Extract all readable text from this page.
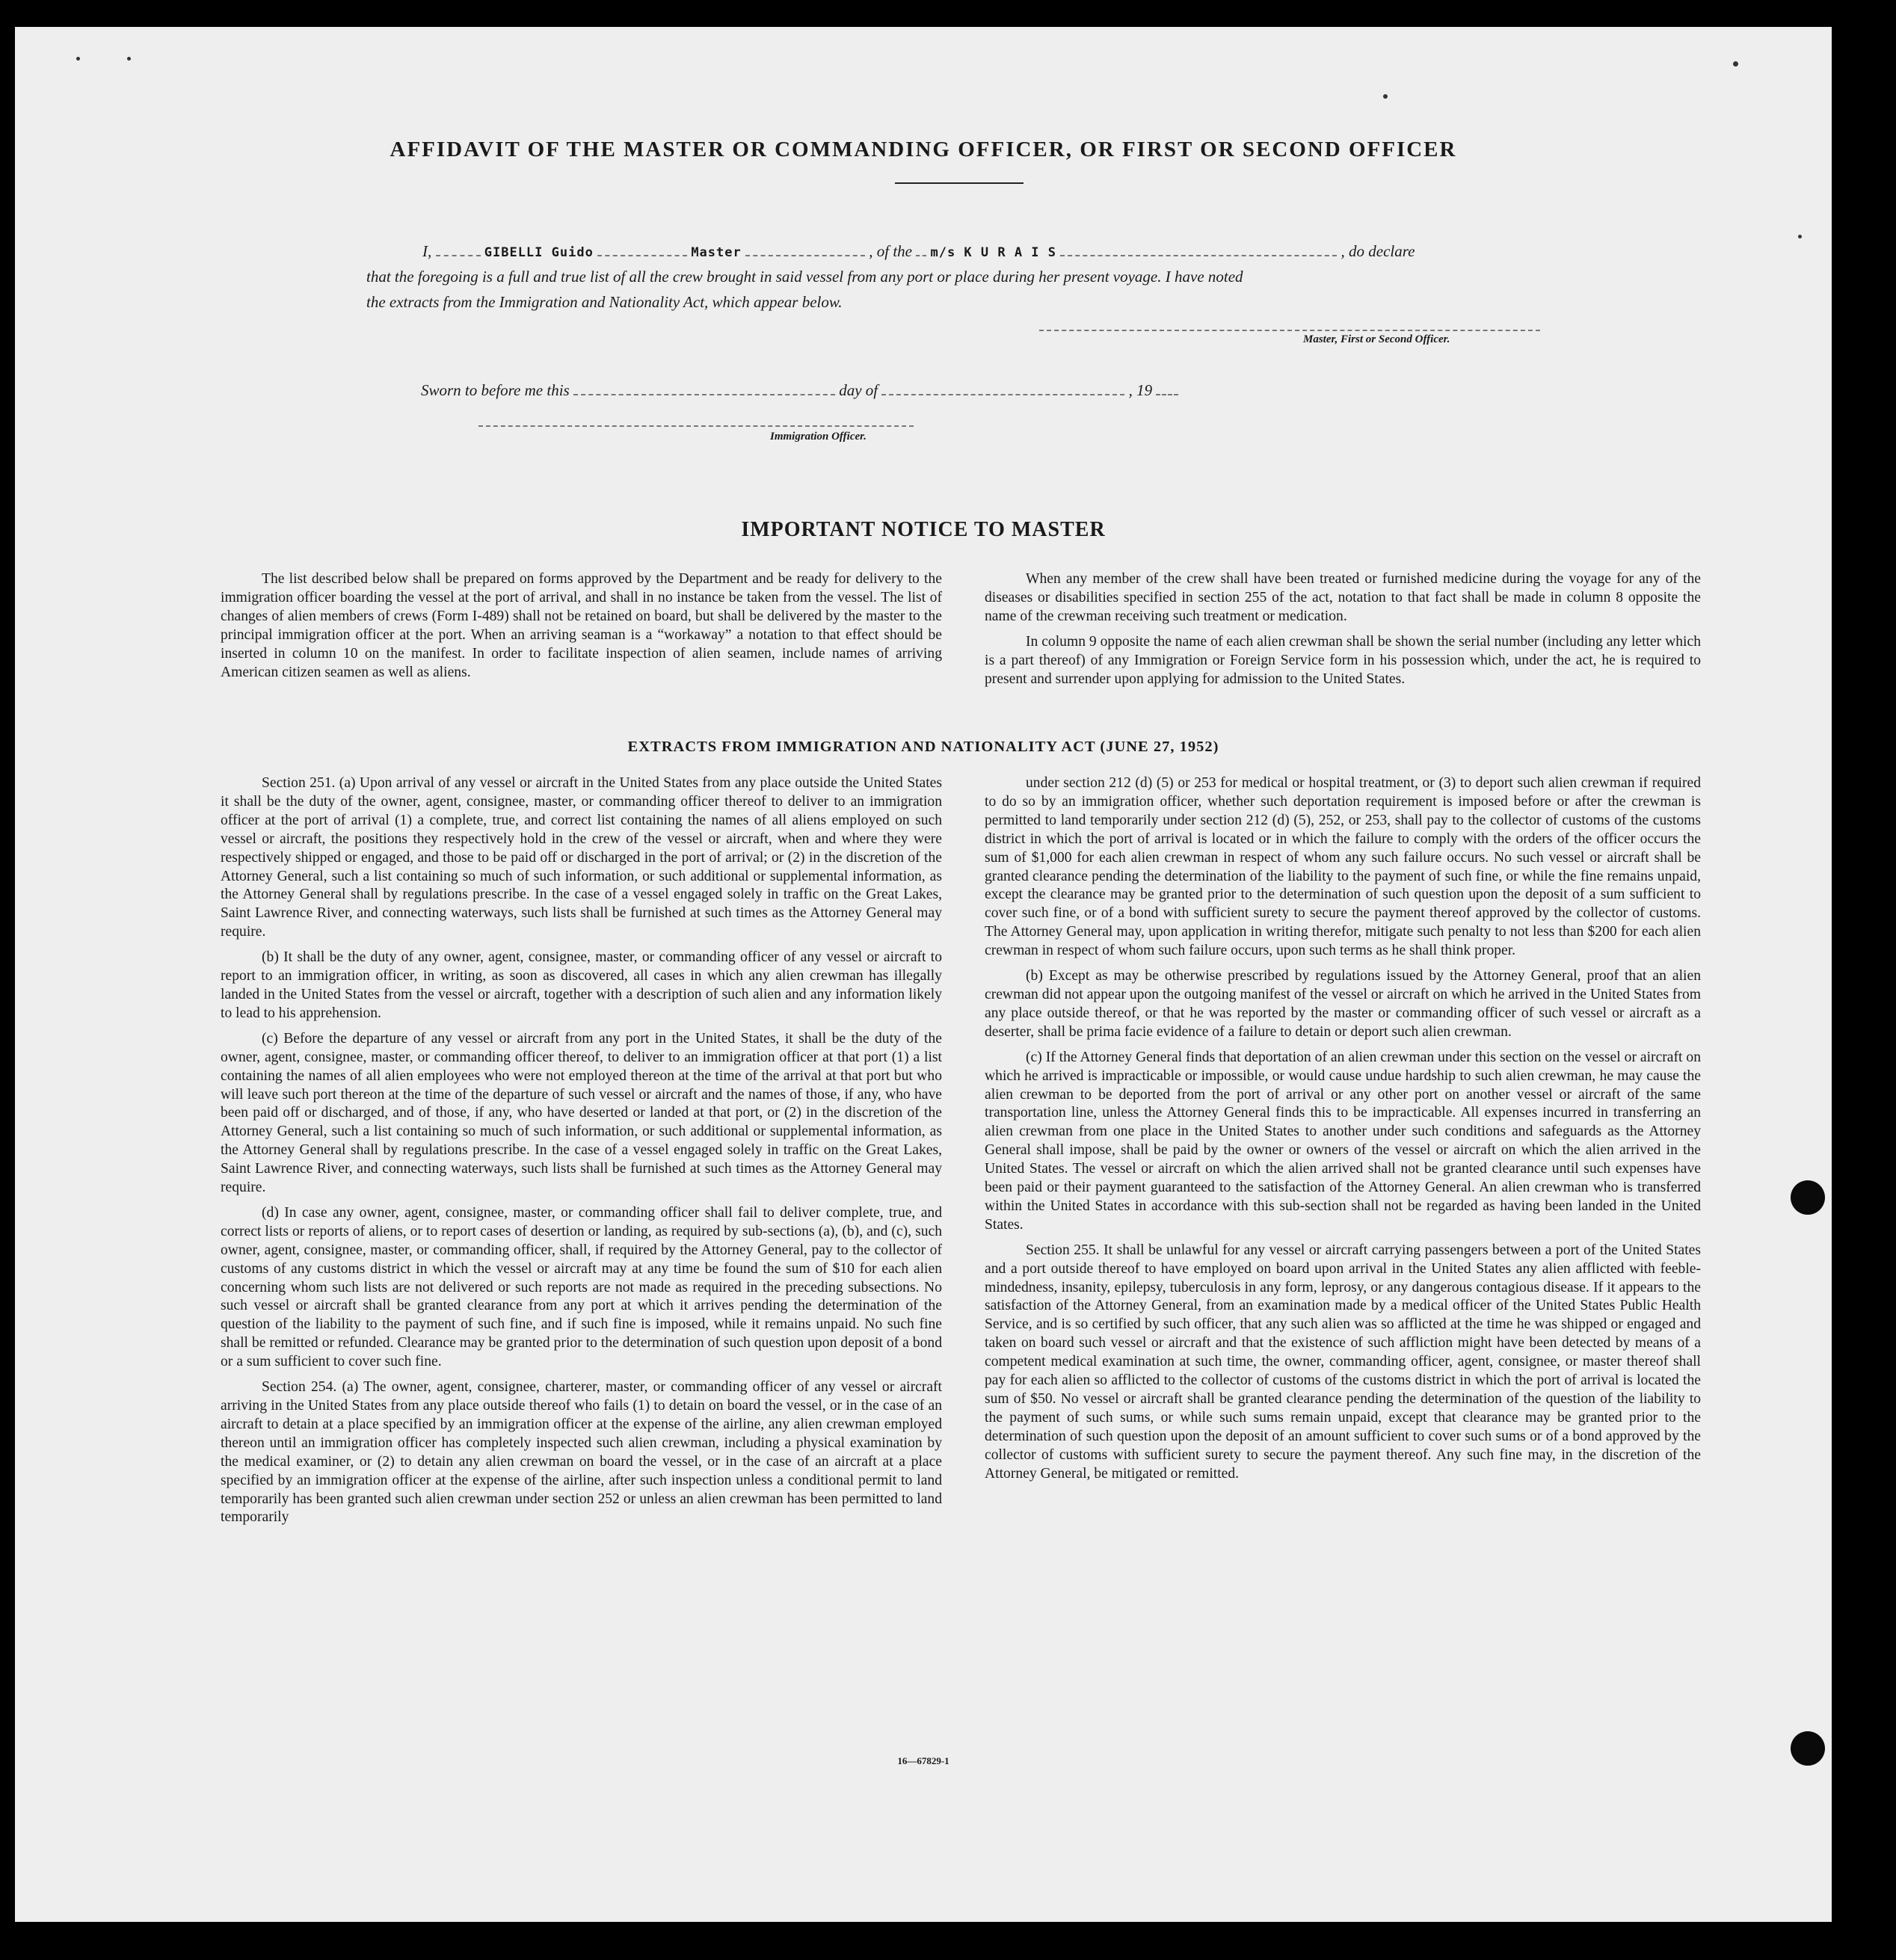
AFFIDAVIT OF THE MASTER OR COMMANDING OFFICER, OR FIRST OR SECOND OFFICER
I,	GIBELLI Guido	Master	, of the m/s K U R A I S	, do declare
that the foregoing is a full and true list of all the crew brought in said vessel from any port or place during her present voyage. I have noted
the extracts from the Immigration and Nationality Act, which appear below.
Master, First or Second Officer.
Sworn to before me this	day of	, 19
Immigration Officer.
IMPORTANT NOTICE TO MASTER

The list described below shall be prepared on forms approved by the Department and be ready for delivery to the immigration officer boarding the vessel at the port of arrival, and shall in no instance be taken from the vessel. The list of changes of alien members of crews (Form I-489) shall not be retained on board, but shall be delivered by the master to the principal immigration officer at the port. When an arriving seaman is a “workaway” a notation to that effect should be inserted in column 10 on the manifest. In order to facilitate inspection of alien seamen, include names of arriving American citizen seamen as well as aliens.

When any member of the crew shall have been treated or furnished medicine during the voyage for any of the diseases or disabilities specified in section 255 of the act, notation to that fact shall be made in column 8 opposite the name of the crewman receiving such treatment or medication.

In column 9 opposite the name of each alien crewman shall be shown the serial number (including any letter which is a part thereof) of any Immigration or Foreign Service form in his possession which, under the act, he is required to present and surrender upon applying for admission to the United States.

EXTRACTS FROM IMMIGRATION AND NATIONALITY ACT (JUNE 27, 1952)

Section 251. (a) Upon arrival of any vessel or aircraft in the United States from any place outside the United States it shall be the duty of the owner, agent, consignee, master, or commanding officer thereof to deliver to an immigration officer at the port of arrival (1) a complete, true, and correct list containing the names of all aliens employed on such vessel or aircraft, the positions they respectively hold in the crew of the vessel or aircraft, when and where they were respectively shipped or engaged, and those to be paid off or discharged in the port of arrival; or (2) in the discretion of the Attorney General, such a list containing so much of such information, or such additional or supplemental information, as the Attorney General shall by regulations prescribe. In the case of a vessel engaged solely in traffic on the Great Lakes, Saint Lawrence River, and connecting waterways, such lists shall be furnished at such times as the Attorney General may require.

(b) It shall be the duty of any owner, agent, consignee, master, or commanding officer of any vessel or aircraft to report to an immigration officer, in writing, as soon as discovered, all cases in which any alien crewman has illegally landed in the United States from the vessel or aircraft, together with a description of such alien and any information likely to lead to his apprehension.

(c) Before the departure of any vessel or aircraft from any port in the United States, it shall be the duty of the owner, agent, consignee, master, or commanding officer thereof, to deliver to an immigration officer at that port (1) a list containing the names of all alien employees who were not employed thereon at the time of the arrival at that port but who will leave such port thereon at the time of the departure of such vessel or aircraft and the names of those, if any, who have been paid off or discharged, and of those, if any, who have deserted or landed at that port, or (2) in the discretion of the Attorney General, such a list containing so much of such information, or such additional or supplemental information, as the Attorney General shall by regulations prescribe. In the case of a vessel engaged solely in traffic on the Great Lakes, Saint Lawrence River, and connecting waterways, such lists shall be furnished at such times as the Attorney General may require.

(d) In case any owner, agent, consignee, master, or commanding officer shall fail to deliver complete, true, and correct lists or reports of aliens, or to report cases of desertion or landing, as required by sub-sections (a), (b), and (c), such owner, agent, consignee, master, or commanding officer, shall, if required by the Attorney General, pay to the collector of customs of any customs district in which the vessel or aircraft may at any time be found the sum of $10 for each alien concerning whom such lists are not delivered or such reports are not made as required in the preceding subsections. No such vessel or aircraft shall be granted clearance from any port at which it arrives pending the determination of the question of the liability to the payment of such fine, and if such fine is imposed, while it remains unpaid. No such fine shall be remitted or refunded. Clearance may be granted prior to the determination of such question upon deposit of a bond or a sum sufficient to cover such fine.

Section 254. (a) The owner, agent, consignee, charterer, master, or commanding officer of any vessel or aircraft arriving in the United States from any place outside thereof who fails (1) to detain on board the vessel, or in the case of an aircraft to detain at a place specified by an immigration officer at the expense of the airline, any alien crewman employed thereon until an immigration officer has completely inspected such alien crewman, including a physical examination by the medical examiner, or (2) to detain any alien crewman on board the vessel, or in the case of an aircraft at a place specified by an immigration officer at the expense of the airline, after such inspection unless a conditional permit to land temporarily has been granted such alien crewman under section 252 or unless an alien crewman has been permitted to land temporarily

under section 212 (d) (5) or 253 for medical or hospital treatment, or (3) to deport such alien crewman if required to do so by an immigration officer, whether such deportation requirement is imposed before or after the crewman is permitted to land temporarily under section 212 (d) (5), 252, or 253, shall pay to the collector of customs of the customs district in which the port of arrival is located or in which the failure to comply with the orders of the officer occurs the sum of $1,000 for each alien crewman in respect of whom any such failure occurs. No such vessel or aircraft shall be granted clearance pending the determination of the liability to the payment of such fine, or while the fine remains unpaid, except the clearance may be granted prior to the determination of such question upon the deposit of a sum sufficient to cover such fine, or of a bond with sufficient surety to secure the payment thereof approved by the collector of customs. The Attorney General may, upon application in writing therefor, mitigate such penalty to not less than $200 for each alien crewman in respect of whom such failure occurs, upon such terms as he shall think proper.

(b) Except as may be otherwise prescribed by regulations issued by the Attorney General, proof that an alien crewman did not appear upon the outgoing manifest of the vessel or aircraft on which he arrived in the United States from any place outside thereof, or that he was reported by the master or commanding officer of such vessel or aircraft as a deserter, shall be prima facie evidence of a failure to detain or deport such alien crewman.

(c) If the Attorney General finds that deportation of an alien crewman under this section on the vessel or aircraft on which he arrived is impracticable or impossible, or would cause undue hardship to such alien crewman, he may cause the alien crewman to be deported from the port of arrival or any other port on another vessel or aircraft of the same transportation line, unless the Attorney General finds this to be impracticable. All expenses incurred in transferring an alien crewman from one place in the United States to another under such conditions and safeguards as the Attorney General shall impose, shall be paid by the owner or owners of the vessel or aircraft on which the alien arrived in the United States. The vessel or aircraft on which the alien arrived shall not be granted clearance until such expenses have been paid or their payment guaranteed to the satisfaction of the Attorney General. An alien crewman who is transferred within the United States in accordance with this sub-section shall not be regarded as having been landed in the United States.

Section 255. It shall be unlawful for any vessel or aircraft carrying passengers between a port of the United States and a port outside thereof to have employed on board upon arrival in the United States any alien afflicted with feeble-mindedness, insanity, epilepsy, tuberculosis in any form, leprosy, or any dangerous contagious disease. If it appears to the satisfaction of the Attorney General, from an examination made by a medical officer of the United States Public Health Service, and is so certified by such officer, that any such alien was so afflicted at the time he was shipped or engaged and taken on board such vessel or aircraft and that the existence of such affliction might have been detected by means of a competent medical examination at such time, the owner, commanding officer, agent, consignee, or master thereof shall pay for each alien so afflicted to the collector of customs of the customs district in which the port of arrival is located the sum of $50. No vessel or aircraft shall be granted clearance pending the determination of the question of the liability to the payment of such sums, or while such sums remain unpaid, except that clearance may be granted prior to the determination of such question upon the deposit of an amount sufficient to cover such sums or of a bond approved by the collector of customs with sufficient surety to secure the payment thereof. Any such fine may, in the discretion of the Attorney General, be mitigated or remitted.

16—67829-1
